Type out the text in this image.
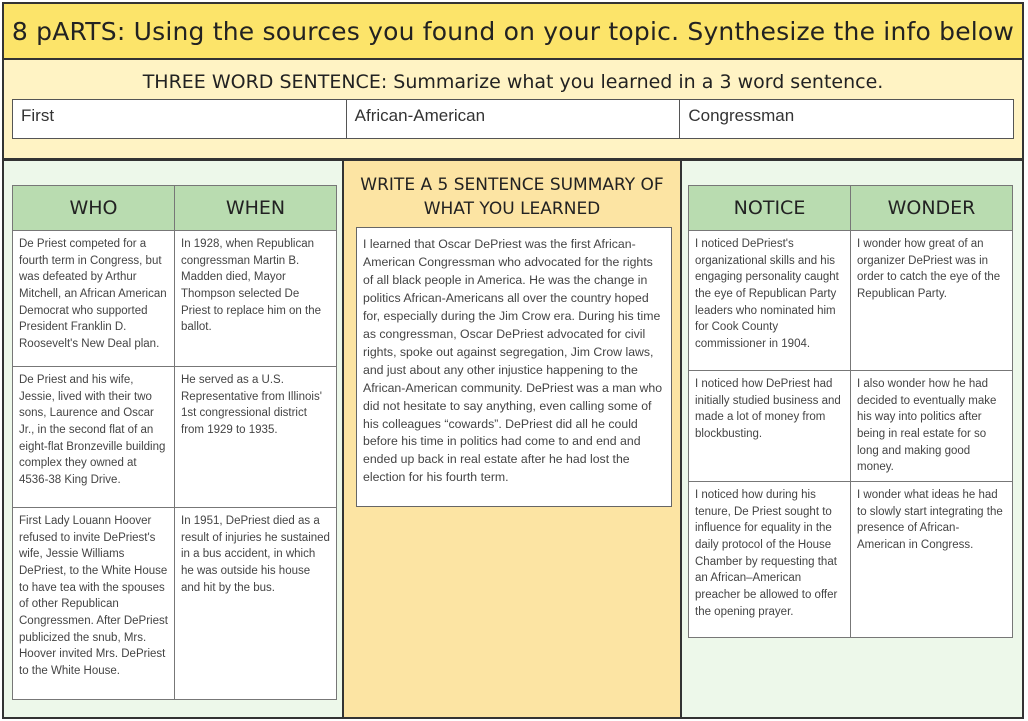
8 pARTS: Using the sources you found on your topic. Synthesize the info below
THREE WORD SENTENCE: Summarize what you learned in a 3 word sentence.
First	African-American	Congressman
WHO	WHEN
De Priest competed for a fourth term in Congress, but was defeated by Arthur Mitchell, an African American Democrat who supported President Franklin D. Roosevelt's New Deal plan.	In 1928, when Republican congressman Martin B. Madden died, Mayor Thompson selected De Priest to replace him on the ballot.
De Priest and his wife, Jessie, lived with their two sons, Laurence and Oscar Jr., in the second flat of an eight-flat Bronzeville building complex they owned at 4536-38 King Drive.	He served as a U.S. Representative from Illinois' 1st congressional district from 1929 to 1935.
First Lady Louann Hoover refused to invite DePriest's wife, Jessie Williams DePriest, to the White House to have tea with the spouses of other Republican Congressmen. After DePriest publicized the snub, Mrs. Hoover invited Mrs. DePriest to the White House.	In 1951, DePriest died as a result of injuries he sustained in a bus accident, in which he was outside his house and hit by the bus.
WRITE A 5 SENTENCE SUMMARY OF
WHAT YOU LEARNED
I learned that Oscar DePriest was the first African-American Congressman who advocated for the rights of all black people in America. He was the change in politics African-Americans all over the country hoped for, especially during the Jim Crow era. During his time as congressman, Oscar DePriest advocated for civil rights, spoke out against segregation, Jim Crow laws, and just about any other injustice happening to the African-American community. DePriest was a man who did not hesitate to say anything, even calling some of his colleagues “cowards”. DePriest did all he could before his time in politics had come to and end and ended up back in real estate after he had lost the election for his fourth term.
NOTICE	WONDER
I noticed DePriest's organizational skills and his engaging personality caught the eye of Republican Party leaders who nominated him for Cook County commissioner in 1904.	I wonder how great of an organizer DePriest was in order to catch the eye of the Republican Party.
I noticed how DePriest had initially studied business and made a lot of money from blockbusting.	I also wonder how he had decided to eventually make his way into politics after being in real estate for so long and making good money.
I noticed how during his tenure, De Priest sought to influence for equality in the daily protocol of the House Chamber by requesting that an African–American preacher be allowed to offer the opening prayer.	I wonder what ideas he had to slowly start integrating the presence of African-American in Congress.
